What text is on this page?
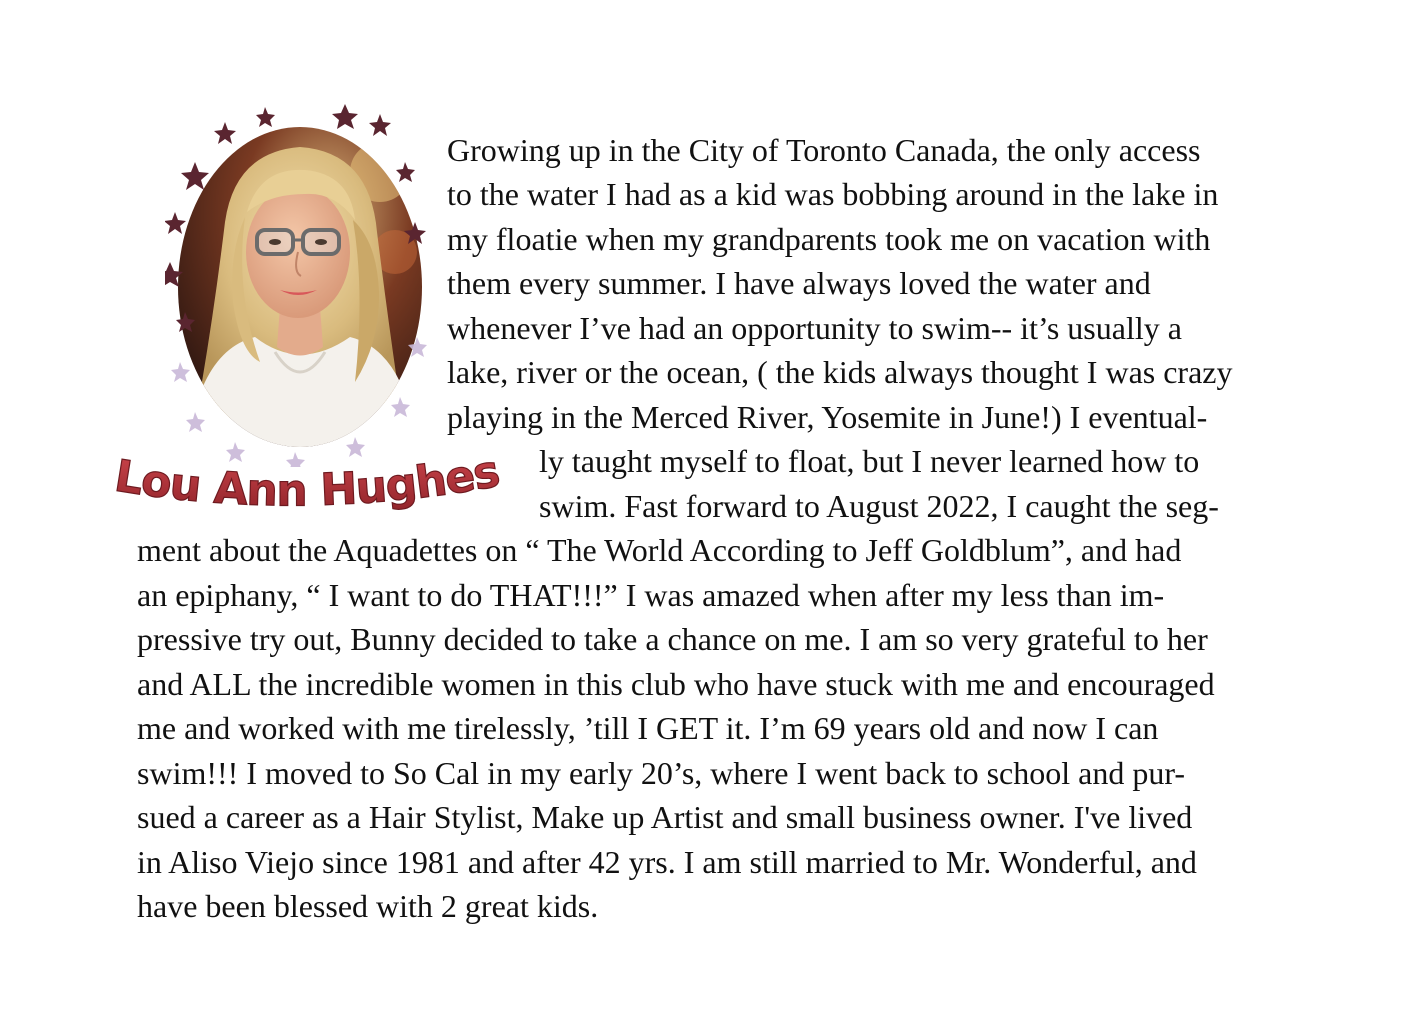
Lou Ann Hughes
Growing up in the City of Toronto Canada, the only access
to the water I had as a kid was bobbing around in the lake in
my floatie when my grandparents took me on vacation with
them every summer. I have always loved the water and
whenever I’ve had an opportunity to swim-- it’s usually a
lake, river or the ocean, ( the kids always thought I was crazy
playing in the Merced River, Yosemite in June!) I eventual-
ly taught myself to float, but I never learned how to
swim. Fast forward to August 2022, I caught the seg-
ment about the Aquadettes on “ The World According to Jeff Goldblum”, and had
an epiphany, “ I want to do THAT!!!” I was amazed when after my less than im-
pressive try out, Bunny decided to take a chance on me. I am so very grateful to her
and ALL the incredible women in this club who have stuck with me and encouraged
me and worked with me tirelessly, ’till I GET it. I’m 69 years old and now I can
swim!!! I moved to So Cal in my early 20’s, where I went back to school and pur-
sued a career as a Hair Stylist, Make up Artist and small business owner. I've lived
in Aliso Viejo since 1981 and after 42 yrs. I am still married to Mr. Wonderful, and
have been blessed with 2 great kids.
